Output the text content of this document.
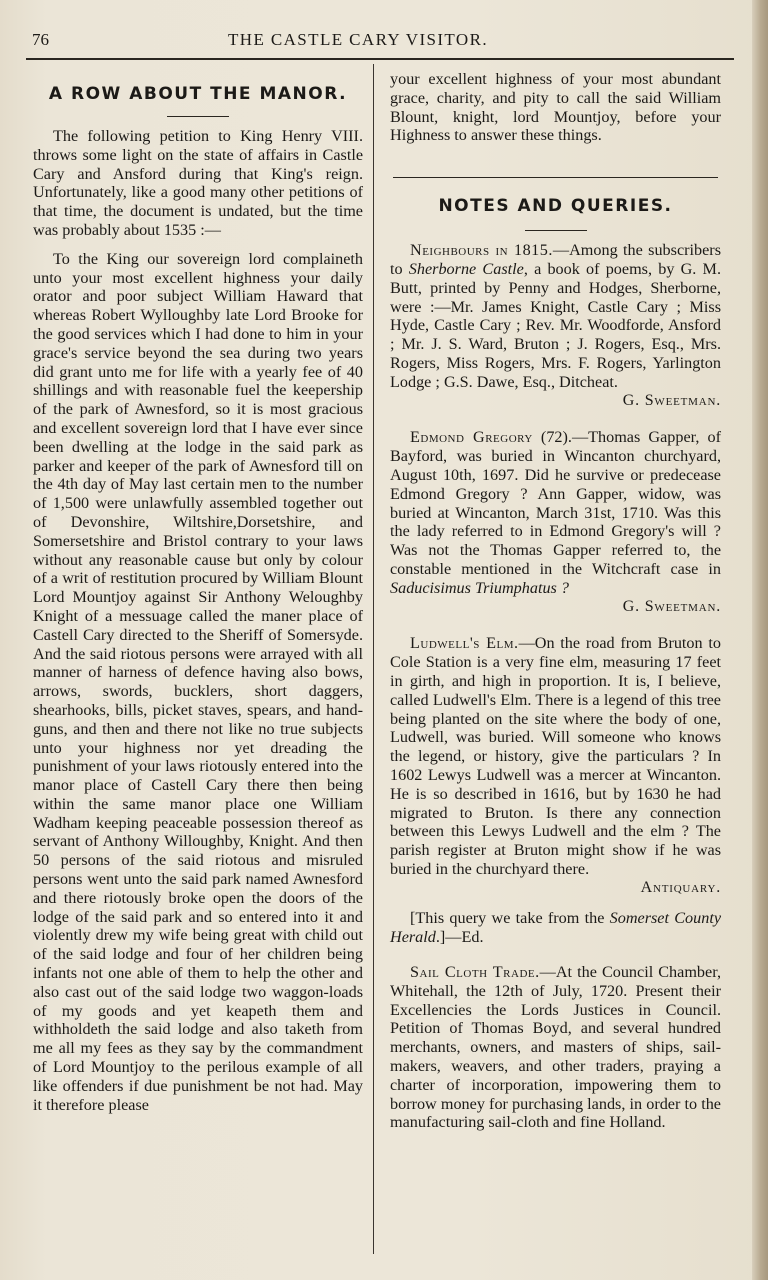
76	THE CASTLE CARY VISITOR.
A ROW ABOUT THE MANOR.

The following petition to King Henry VIII. throws some light on the state of affairs in Castle Cary and Ansford during that King's reign. Unfortunately, like a good many other petitions of that time, the document is undated, but the time was probably about 1535 :—

To the King our sovereign lord complaineth unto your most excellent highness your daily orator and poor subject William Haward that whereas Robert Wylloughby late Lord Brooke for the good services which I had done to him in your grace's service beyond the sea during two years did grant unto me for life with a yearly fee of 40 shillings and with reasonable fuel the keepership of the park of Awnesford, so it is most gracious and excellent sovereign lord that I have ever since been dwelling at the lodge in the said park as parker and keeper of the park of Awnesford till on the 4th day of May last certain men to the number of 1,500 were unlawfully assembled together out of Devonshire, Wiltshire,Dorsetshire, and Somersetshire and Bristol contrary to your laws without any reasonable cause but only by colour of a writ of restitution procured by William Blount Lord Mountjoy against Sir Anthony Weloughby Knight of a messuage called the maner place of Castell Cary directed to the Sheriff of Somersyde. And the said riotous persons were arrayed with all manner of harness of defence having also bows, arrows, swords, bucklers, short daggers, shearhooks, bills, picket staves, spears, and hand-guns, and then and there not like no true subjects unto your highness nor yet dreading the punishment of your laws riotously entered into the manor place of Castell Cary there then being within the same manor place one William Wadham keeping peaceable possession thereof as servant of Anthony Willoughby, Knight. And then 50 persons of the said riotous and misruled persons went unto the said park named Awnesford and there riotously broke open the doors of the lodge of the said park and so entered into it and violently drew my wife being great with child out of the said lodge and four of her children being infants not one able of them to help the other and also cast out of the said lodge two waggon-loads of my goods and yet keapeth them and withholdeth the said lodge and also taketh from me all my fees as they say by the commandment of Lord Mountjoy to the perilous example of all like offenders if due punishment be not had. May it therefore please

your excellent highness of your most abundant grace, charity, and pity to call the said William Blount, knight, lord Mountjoy, before your Highness to answer these things.

NOTES AND QUERIES.

Neighbours in 1815.—Among the subscribers to Sherborne Castle, a book of poems, by G. M. Butt, printed by Penny and Hodges, Sherborne, were :—Mr. James Knight, Castle Cary ; Miss Hyde, Castle Cary ; Rev. Mr. Woodforde, Ansford ; Mr. J. S. Ward, Bruton ; J. Rogers, Esq., Mrs. Rogers, Miss Rogers, Mrs. F. Rogers, Yarlington Lodge ; G.S. Dawe, Esq., Ditcheat.

G. Sweetman.

Edmond Gregory (72).—Thomas Gapper, of Bayford, was buried in Wincanton churchyard, August 10th, 1697. Did he survive or predecease Edmond Gregory ? Ann Gapper, widow, was buried at Wincanton, March 31st, 1710. Was this the lady referred to in Edmond Gregory's will ? Was not the Thomas Gapper referred to, the constable mentioned in the Witchcraft case in Saducisimus Triumphatus ?

G. Sweetman.

Ludwell's Elm.—On the road from Bruton to Cole Station is a very fine elm, measuring 17 feet in girth, and high in proportion. It is, I believe, called Ludwell's Elm. There is a legend of this tree being planted on the site where the body of one, Ludwell, was buried. Will someone who knows the legend, or history, give the particulars ? In 1602 Lewys Ludwell was a mercer at Wincanton. He is so described in 1616, but by 1630 he had migrated to Bruton. Is there any connection between this Lewys Ludwell and the elm ? The parish register at Bruton might show if he was buried in the churchyard there.

Antiquary.

[This query we take from the Somerset County Herald.]—Ed.

Sail Cloth Trade.—At the Council Chamber, Whitehall, the 12th of July, 1720. Present their Excellencies the Lords Justices in Council. Petition of Thomas Boyd, and several hundred merchants, owners, and masters of ships, sail-makers, weavers, and other traders, praying a charter of incorporation, impowering them to borrow money for purchasing lands, in order to the manufacturing sail-cloth and fine Holland.
